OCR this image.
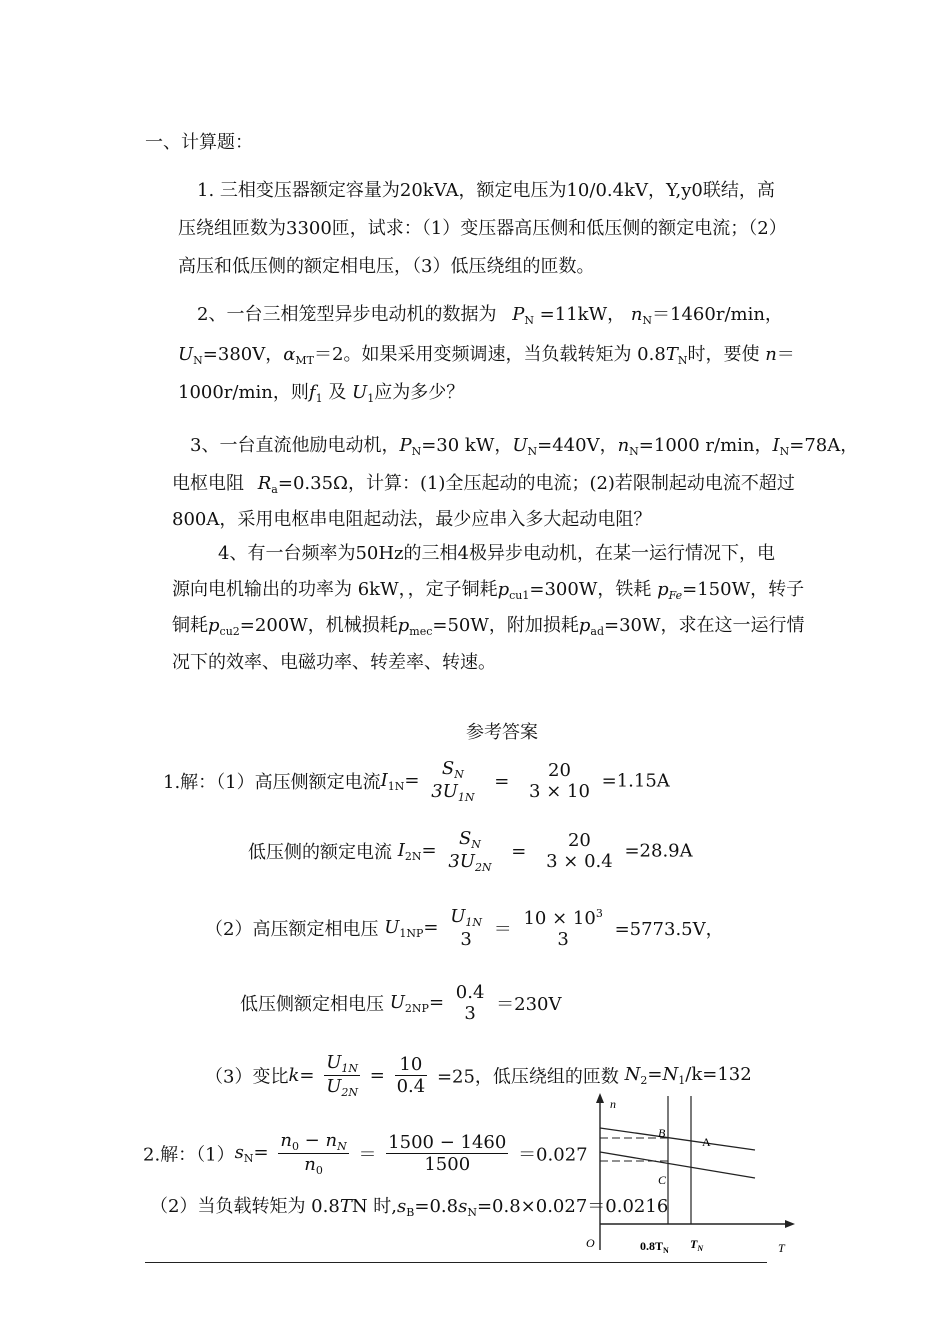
一、计算题：
1. 三相变压器额定容量为20kVA，额定电压为10/0.4kV，Y,y0联结，高
压绕组匝数为3300匝，试求：（1）变压器高压侧和低压侧的额定电流；（2）
高压和低压侧的额定相电压，（3）低压绕组的匝数。
2、一台三相笼型异步电动机的数据为 $P_N =11kW$， $n_N=1460r/\min$，
$U_N=380V$，$\alpha_{MT}=2$。如果采用变频调速，当负载转矩为 $0.8T_N$时，要使 n＝
1000r/min，则$f_1$ 及 $U_1$应为多少？
3、一台直流他励电动机，$P_N=30$ kW，$U_N=440V$，$n_N=1000$ r/min，$I_N=78A$，
电枢电阻 $R_a=0.35\Omega$，计算：(1)全压起动的电流；(2)若限制起动电流不超过
800A，采用电枢串电阻起动法，最少应串入多大起动电阻？
4、有一台频率为50Hz的三相4极异步电动机，在某一运行情况下，电
源向电机输出的功率为 6kW，，定子铜耗$p_{cu1}=300W$，铁耗 $p_{Fe}=150W$，转子
铜耗$p_{cu2}=200W$，机械损耗$p_{mec}=50W$，附加损耗$p_{ad}=30W$，求在这一运行情
况下的效率、电磁功率、转差率、转速。
参考答案
1.解：（1）高压侧额定电流$I_{1N}=$
$S_N$
$3U_{1N}$
=	20
3 × 10 =1.15A
低压侧的额定电流 $I_{2N}=$
$S_N$
$3U_{2N}$
=	20
3 × 0.4 =28.9A
（2）高压额定相电压 $U_{1NP}= U_{1N}$
3	＝
$10 \times 10^3$
3	=5773.5V，
低压侧额定相电压 $U_{2NP}= 0.4$
3	＝230V
（3）变比$k= \frac{U_{1N}}{U_{2N}} = \frac{10}{0.4} =25$，低压绕组的匝数 $N_2=N_1/k=132$
2.解：$(1)s_N= \frac{n_0 - n_N}{n_0} = \frac{1500 - 1460}{1500} =0.027$
（2）当负载转矩为 0.8TN 时$,s_B=0.8s_N=0.8\times 0.027=0.0216$
n
T
O	$0.8T_N$ $T_N$
A
B
C
